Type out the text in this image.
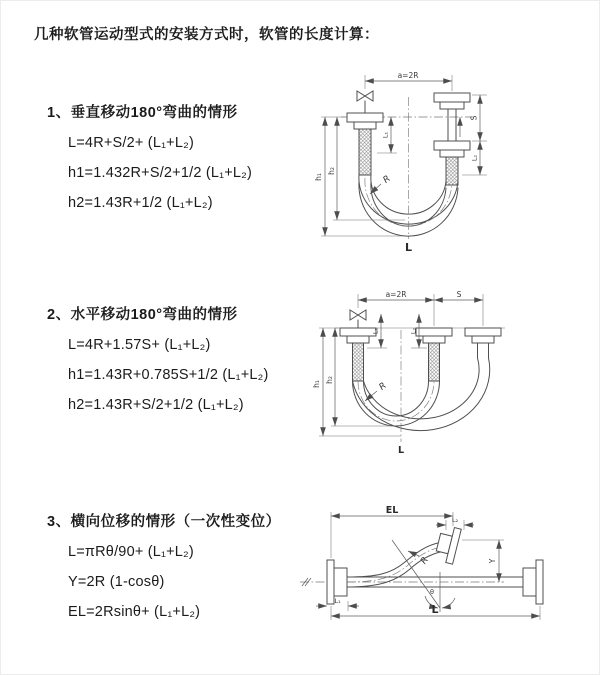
几种软管运动型式的安装方式时，软管的长度计算：
1、垂直移动180°弯曲的情形

L=4R+S/2+ (L₁+L₂)

h1=1.432R+S/2+1/2 (L₁+L₂)

h2=1.43R+1/2 (L₁+L₂)

2、水平移动180°弯曲的情形

L=4R+1.57S+ (L₁+L₂)

h1=1.43R+0.785S+1/2 (L₁+L₂)

h2=1.43R+S/2+1/2 (L₁+L₂)

3、横向位移的情形（一次性变位）

L=πRθ/90+ (L₁+L₂)

Y=2R (1-cosθ)

EL=2Rsinθ+ (L₁+L₂)

a=2R
L
h₁
h₂
L₁
S
L₂
R
a=2R	S
L
h₁
h₂
L₁	L₂
R
EL
L₂
Y
θ
R
L
L₁
